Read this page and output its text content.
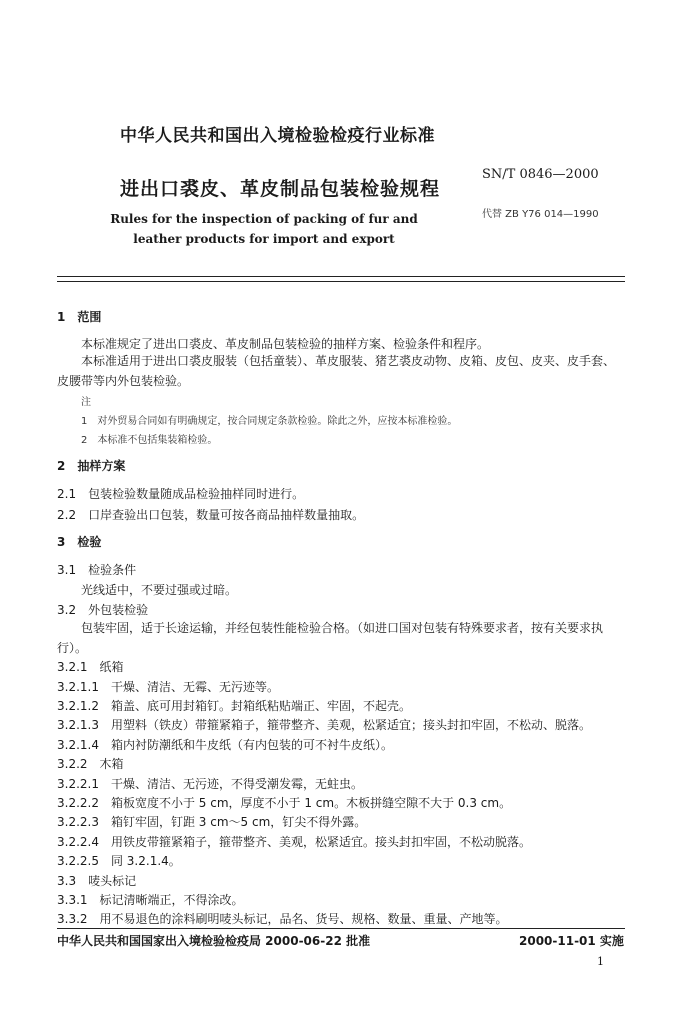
中华人民共和国出入境检验检疫行业标准
进出口裘皮、革皮制品包装检验规程
SN/T 0846—2000
代替 ZB Y76 014—1990
Rules for the inspection of packing of fur and
leather products for import and export
1　范围
本标准规定了进出口裘皮、革皮制品包装检验的抽样方案、检验条件和程序。
本标准适用于进出口裘皮服装（包括童装）、革皮服装、猪艺裘皮动物、皮箱、皮包、皮夹、皮手套、皮腰带等内外包装检验。
注
1　对外贸易合同如有明确规定，按合同规定条款检验。除此之外，应按本标准检验。
2　本标准不包括集装箱检验。
2　抽样方案
2.1　包装检验数量随成品检验抽样同时进行。
2.2　口岸查验出口包装，数量可按各商品抽样数量抽取。
3　检验
3.1　检验条件
光线适中，不要过强或过暗。
3.2　外包装检验
包装牢固，适于长途运输，并经包装性能检验合格。（如进口国对包装有特殊要求者，按有关要求执行）。
3.2.1　纸箱
3.2.1.1　干燥、清洁、无霉、无污迹等。
3.2.1.2　箱盖、底可用封箱钉。封箱纸粘贴端正、牢固，不起壳。
3.2.1.3　用塑料（铁皮）带箍紧箱子，箍带整齐、美观，松紧适宜；接头封扣牢固，不松动、脱落。
3.2.1.4　箱内衬防潮纸和牛皮纸（有内包装的可不衬牛皮纸）。
3.2.2　木箱
3.2.2.1　干燥、清洁、无污迹，不得受潮发霉，无蛀虫。
3.2.2.2　箱板宽度不小于 5 cm，厚度不小于 1 cm。木板拼缝空隙不大于 0.3 cm。
3.2.2.3　箱钉牢固，钉距 3 cm～5 cm，钉尖不得外露。
3.2.2.4　用铁皮带箍紧箱子，箍带整齐、美观，松紧适宜。接头封扣牢固，不松动脱落。
3.2.2.5　同 3.2.1.4。
3.3　唛头标记
3.3.1　标记清晰端正，不得涂改。
3.3.2　用不易退色的涂料刷明唛头标记，品名、货号、规格、数量、重量、产地等。
中华人民共和国国家出入境检验检疫局 2000-06-22 批准	2000-11-01 实施
1
